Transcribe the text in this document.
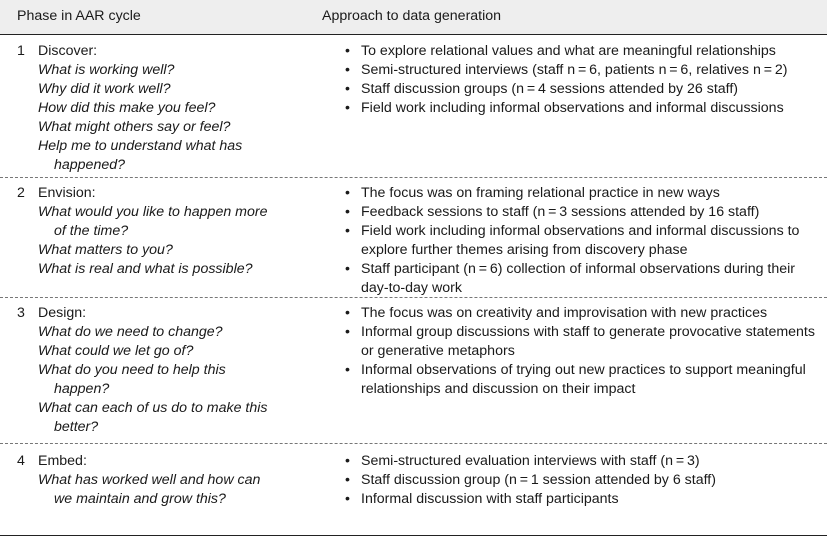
Phase in AAR cycle	Approach to data generation
1 Discover:
What is working well?
Why did it work well?
How did this make you feel?
What might others say or feel?
Help me to understand what has happened?
• To explore relational values and what are meaningful relationships
• Semi-structured interviews (staff n = 6, patients n = 6, relatives n = 2)
• Staff discussion groups (n = 4 sessions attended by 26 staff)
• Field work including informal observations and informal discussions
2 Envision:
What would you like to happen more of the time?
What matters to you?
What is real and what is possible?
• The focus was on framing relational practice in new ways
• Feedback sessions to staff (n = 3 sessions attended by 16 staff)
• Field work including informal observations and informal discussions to explore further themes arising from discovery phase
• Staff participant (n = 6) collection of informal observations during their day-to-day work
3 Design:
What do we need to change?
What could we let go of?
What do you need to help this happen?
What can each of us do to make this better?
• The focus was on creativity and improvisation with new practices
• Informal group discussions with staff to generate provocative statements or generative metaphors
• Informal observations of trying out new practices to support meaningful relationships and discussion on their impact
4 Embed:
What has worked well and how can we maintain and grow this?
• Semi-structured evaluation interviews with staff (n = 3)
• Staff discussion group (n = 1 session attended by 6 staff)
• Informal discussion with staff participants
